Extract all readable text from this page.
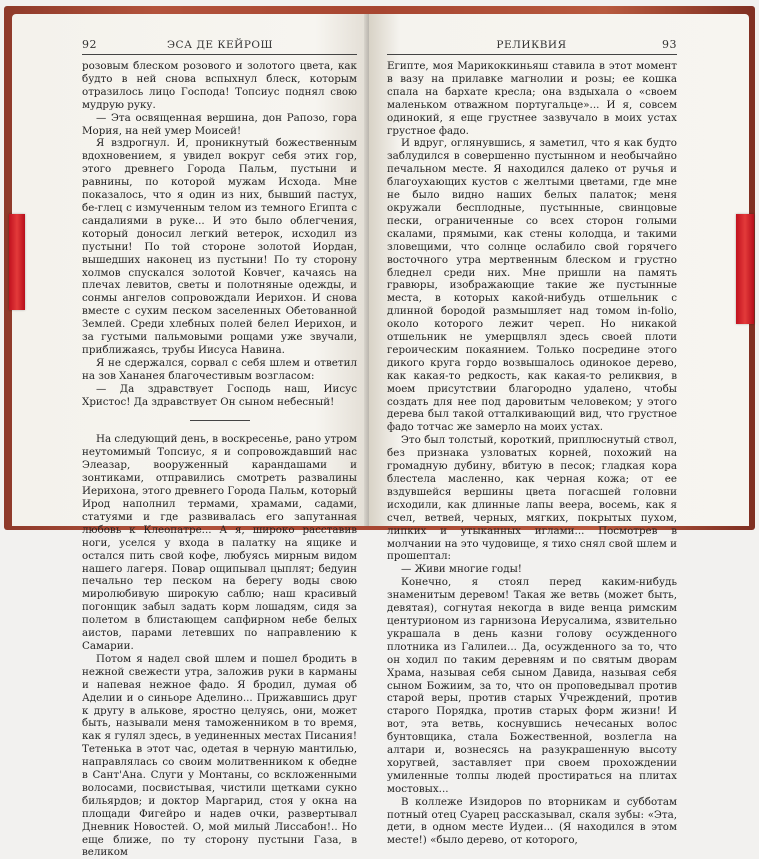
92	ЭСА ДЕ КЕЙРОШ

розовым блеском розового и золотого цвета, как будто в ней снова вспыхнул блеск, которым отразилось лицо Господа! Топсиус поднял свою мудрую руку.

— Эта освященная вершина, дон Рапозо, гора Мория, на ней умер Моисей!

Я вздрогнул. И, проникнутый божественным вдохновением, я увидел вокруг себя этих гор, этого древнего Города Пальм, пустыни и равнины, по которой мужам Исхода. Мне показалось, что я один из них, бывший пастух, бе-глец с измученным телом из темного Египта с сандалиями в руке... И это было облегчения, который доносил легкий ветерок, исходил из пустыни! По той стороне золотой Иордан, вышедших наконец из пустыни! По ту сторону холмов спускался золотой Ковчег, качаясь на плечах левитов, светы и полотняные одежды, и сонмы ангелов сопровождали Иерихон. И снова вместе с сухим песком заселенных Обетованной Землей. Среди хлебных полей белел Иерихон, и за густыми пальмовыми рощами уже звучали, приближаясь, трубы Иисуса Навина.

Я не сдержался, сорвал с себя шлем и ответил на зов Хананея благочестивым возгласом:

— Да здравствует Господь наш, Иисус Христос! Да здравствует Он сыном небесный!

На следующий день, в воскресенье, рано утром неутомимый Топсиус, я и сопровождавший нас Элеазар, вооруженный карандашами и зонтиками, отправились смотреть развалины Иерихона, этого древнего Города Пальм, который Ирод наполнил термами, храмами, садами, статуями и где развивалась его запутанная любовь к Клеопатре... А я, широко расставив ноги, уселся у входа в палатку на ящике и остался пить свой кофе, любуясь мирным видом нашего лагеря. Повар ощипывал цыплят; бедуин печально тер песком на берегу воды свою миролюбивую широкую саблю; наш красивый погонщик забыл задать корм лошадям, сидя за полетом в блистающем сапфирном небе белых аистов, парами летевших по направлению к Самарии.

Потом я надел свой шлем и пошел бродить в нежной свежести утра, заложив руки в карманы и напевая нежное фадо. Я бродил, думая об Аделии и о синьоре Аделино... Прижавшись друг к другу в алькове, яростно целуясь, они, может быть, называли меня таможенником в то время, как я гулял здесь, в уединенных местах Писания! Тетенька в этот час, одетая в черную мантилью, направлялась со своим молитвенником к обедне в Сант'Ана. Слуги у Монтаны, со вскложенными волосами, посвистывая, чистили щетками сукно бильярдов; и доктор Маргарид, стоя у окна на площади Фигейро и надев очки, развертывал Дневник Новостей. О, мой милый Лиссабон!.. Но еще ближе, по ту сторону пустыни Газа, в великом

РЕЛИКВИЯ	93

Египте, моя Марикоккиньяш ставила в этот момент в вазу на прилавке магнолии и розы; ее кошка спала на бархате кресла; она вздыхала о «своем маленьком отважном португальце»... И я, совсем одинокий, я еще грустнее зазвучало в моих устах грустное фадо.

И вдруг, оглянувшись, я заметил, что я как будто заблудился в совершенно пустынном и необычайно печальном месте. Я находился далеко от ручья и благоухающих кустов с желтыми цветами, где мне не было видно наших белых палаток; меня окружали бесплодные, пустынные, свинцовые пески, ограниченные со всех сторон голыми скалами, прямыми, как стены колодца, и такими зловещими, что солнце ослабило свой горячего восточного утра мертвенным блеском и грустно бледнел среди них. Мне пришли на память гравюры, изображающие такие же пустынные места, в которых какой-нибудь отшельник с длинной бородой размышляет над томом in-folio, около которого лежит череп. Но никакой отшельник не умерщвлял здесь своей плоти героическим покаянием. Только посредине этого дикого круга гордо возвышалось одинокое дерево, как какая-то редкость, как какая-то реликвия, в моем присутствии благородно удалено, чтобы создать для нее под даровитым человеком; у этого дерева был такой отталкивающий вид, что грустное фадо тотчас же замерло на моих устах.

Это был толстый, короткий, приплюснутый ствол, без признака узловатых корней, похожий на громадную дубину, вбитую в песок; гладкая кора блестела масленно, как черная кожа; от ее вздувшейся вершины цвета погасшей головни исходили, как длинные лапы веера, восемь, как я счел, ветвей, черных, мягких, покрытых пухом, липких и утыканных иглами... Посмотрев в молчании на это чудовище, я тихо снял свой шлем и прошептал:

— Живи многие годы!

Конечно, я стоял перед каким-нибудь знаменитым деревом! Такая же ветвь (может быть, девятая), согнутая некогда в виде венца римским центурионом из гарнизона Иерусалима, язвительно украшала в день казни голову осужденного плотника из Галилеи... Да, осужденного за то, что он ходил по таким деревням и по святым дворам Храма, называя себя сыном Давида, называя себя сыном Божиим, за то, что он проповедывал против старой веры, против старых Учреждений, против старого Порядка, против старых форм жизни! И вот, эта ветвь, коснувшись нечесаных волос бунтовщика, стала Божественной, возлегла на алтари и, вознесясь на разукрашенную высоту хоругвей, заставляет при своем прохождении умиленные толпы людей простираться на плитах мостовых...

В коллеже Изидоров по вторникам и субботам потный отец Суарец рассказывал, скаля зубы: «Эта, дети, в одном месте Иудеи... (Я находился в этом месте!) «было дерево, от которого,
